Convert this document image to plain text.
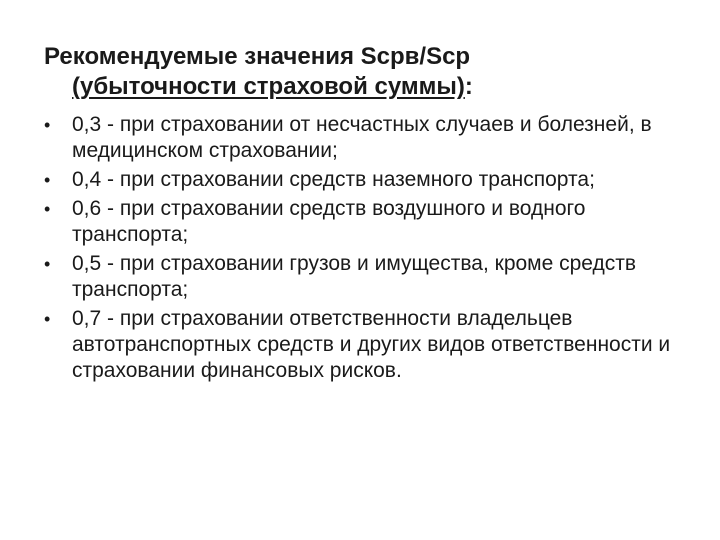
Рекомендуемые значения Scpв/Scp
(убыточности страховой суммы):
•	0,3 - при страховании от несчастных случаев и болезней, в медицинском страховании;
•	0,4 - при страховании средств наземного транспорта;
•	0,6 - при страховании средств воздушного и водного транспорта;
•	0,5 - при страховании грузов и имущества, кроме средств транспорта;
•	0,7 - при страховании ответственности владельцев автотранспортных средств и других видов ответственности и страховании финансовых рисков.
